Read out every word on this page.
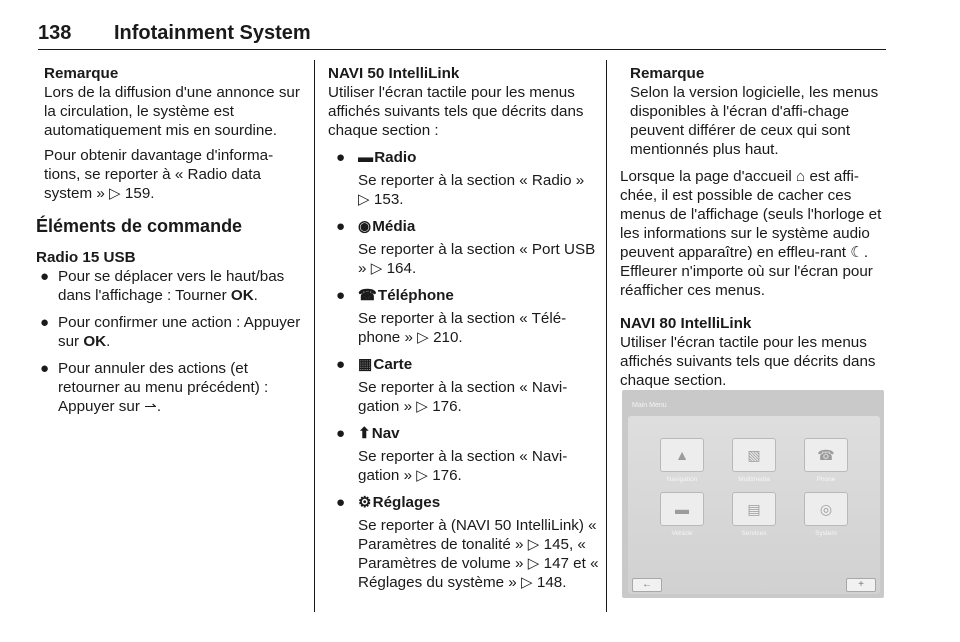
138 Infotainment System
Remarque
Lors de la diffusion d'une annonce sur la circulation, le système est automatiquement mis en sourdine.
Pour obtenir davantage d'informa-tions, se reporter à « Radio data system » ▷ 159.
Éléments de commande
Radio 15 USB
● Pour se déplacer vers le haut/bas dans l'affichage : Tourner OK.
● Pour confirmer une action : Appuyer sur OK.
● Pour annuler des actions (et retourner au menu précédent) : Appuyer sur ⇀.
NAVI 50 IntelliLink
Utiliser l'écran tactile pour les menus affichés suivants tels que décrits dans chaque section :
● ▬Radio
Se reporter à la section « Radio » ▷ 153.
● ◉Média
Se reporter à la section « Port USB » ▷ 164.
● ☎Téléphone
Se reporter à la section « Télé-phone » ▷ 210.
● ▦Carte
Se reporter à la section « Navi-gation » ▷ 176.
● ⬆Nav
Se reporter à la section « Navi-gation » ▷ 176.
● ⚙Réglages
Se reporter à (NAVI 50 IntelliLink) « Paramètres de tonalité » ▷ 145, « Paramètres de volume » ▷ 147 et « Réglages du système » ▷ 148.
Remarque
Selon la version logicielle, les menus disponibles à l'écran d'affi-chage peuvent différer de ceux qui sont mentionnés plus haut.
Lorsque la page d'accueil ⌂ est affi-chée, il est possible de cacher ces menus de l'affichage (seuls l'horloge et les informations sur le système audio peuvent apparaître) en effleu-rant ☾. Effleurer n'importe où sur l'écran pour réafficher ces menus.
NAVI 80 IntelliLink
Utiliser l'écran tactile pour les menus affichés suivants tels que décrits dans chaque section.
Main Menu
▲
Navigation
▧
Multimedia
☎
Phone
▬
Vehicle
▤
Services
◎
System
←	+
